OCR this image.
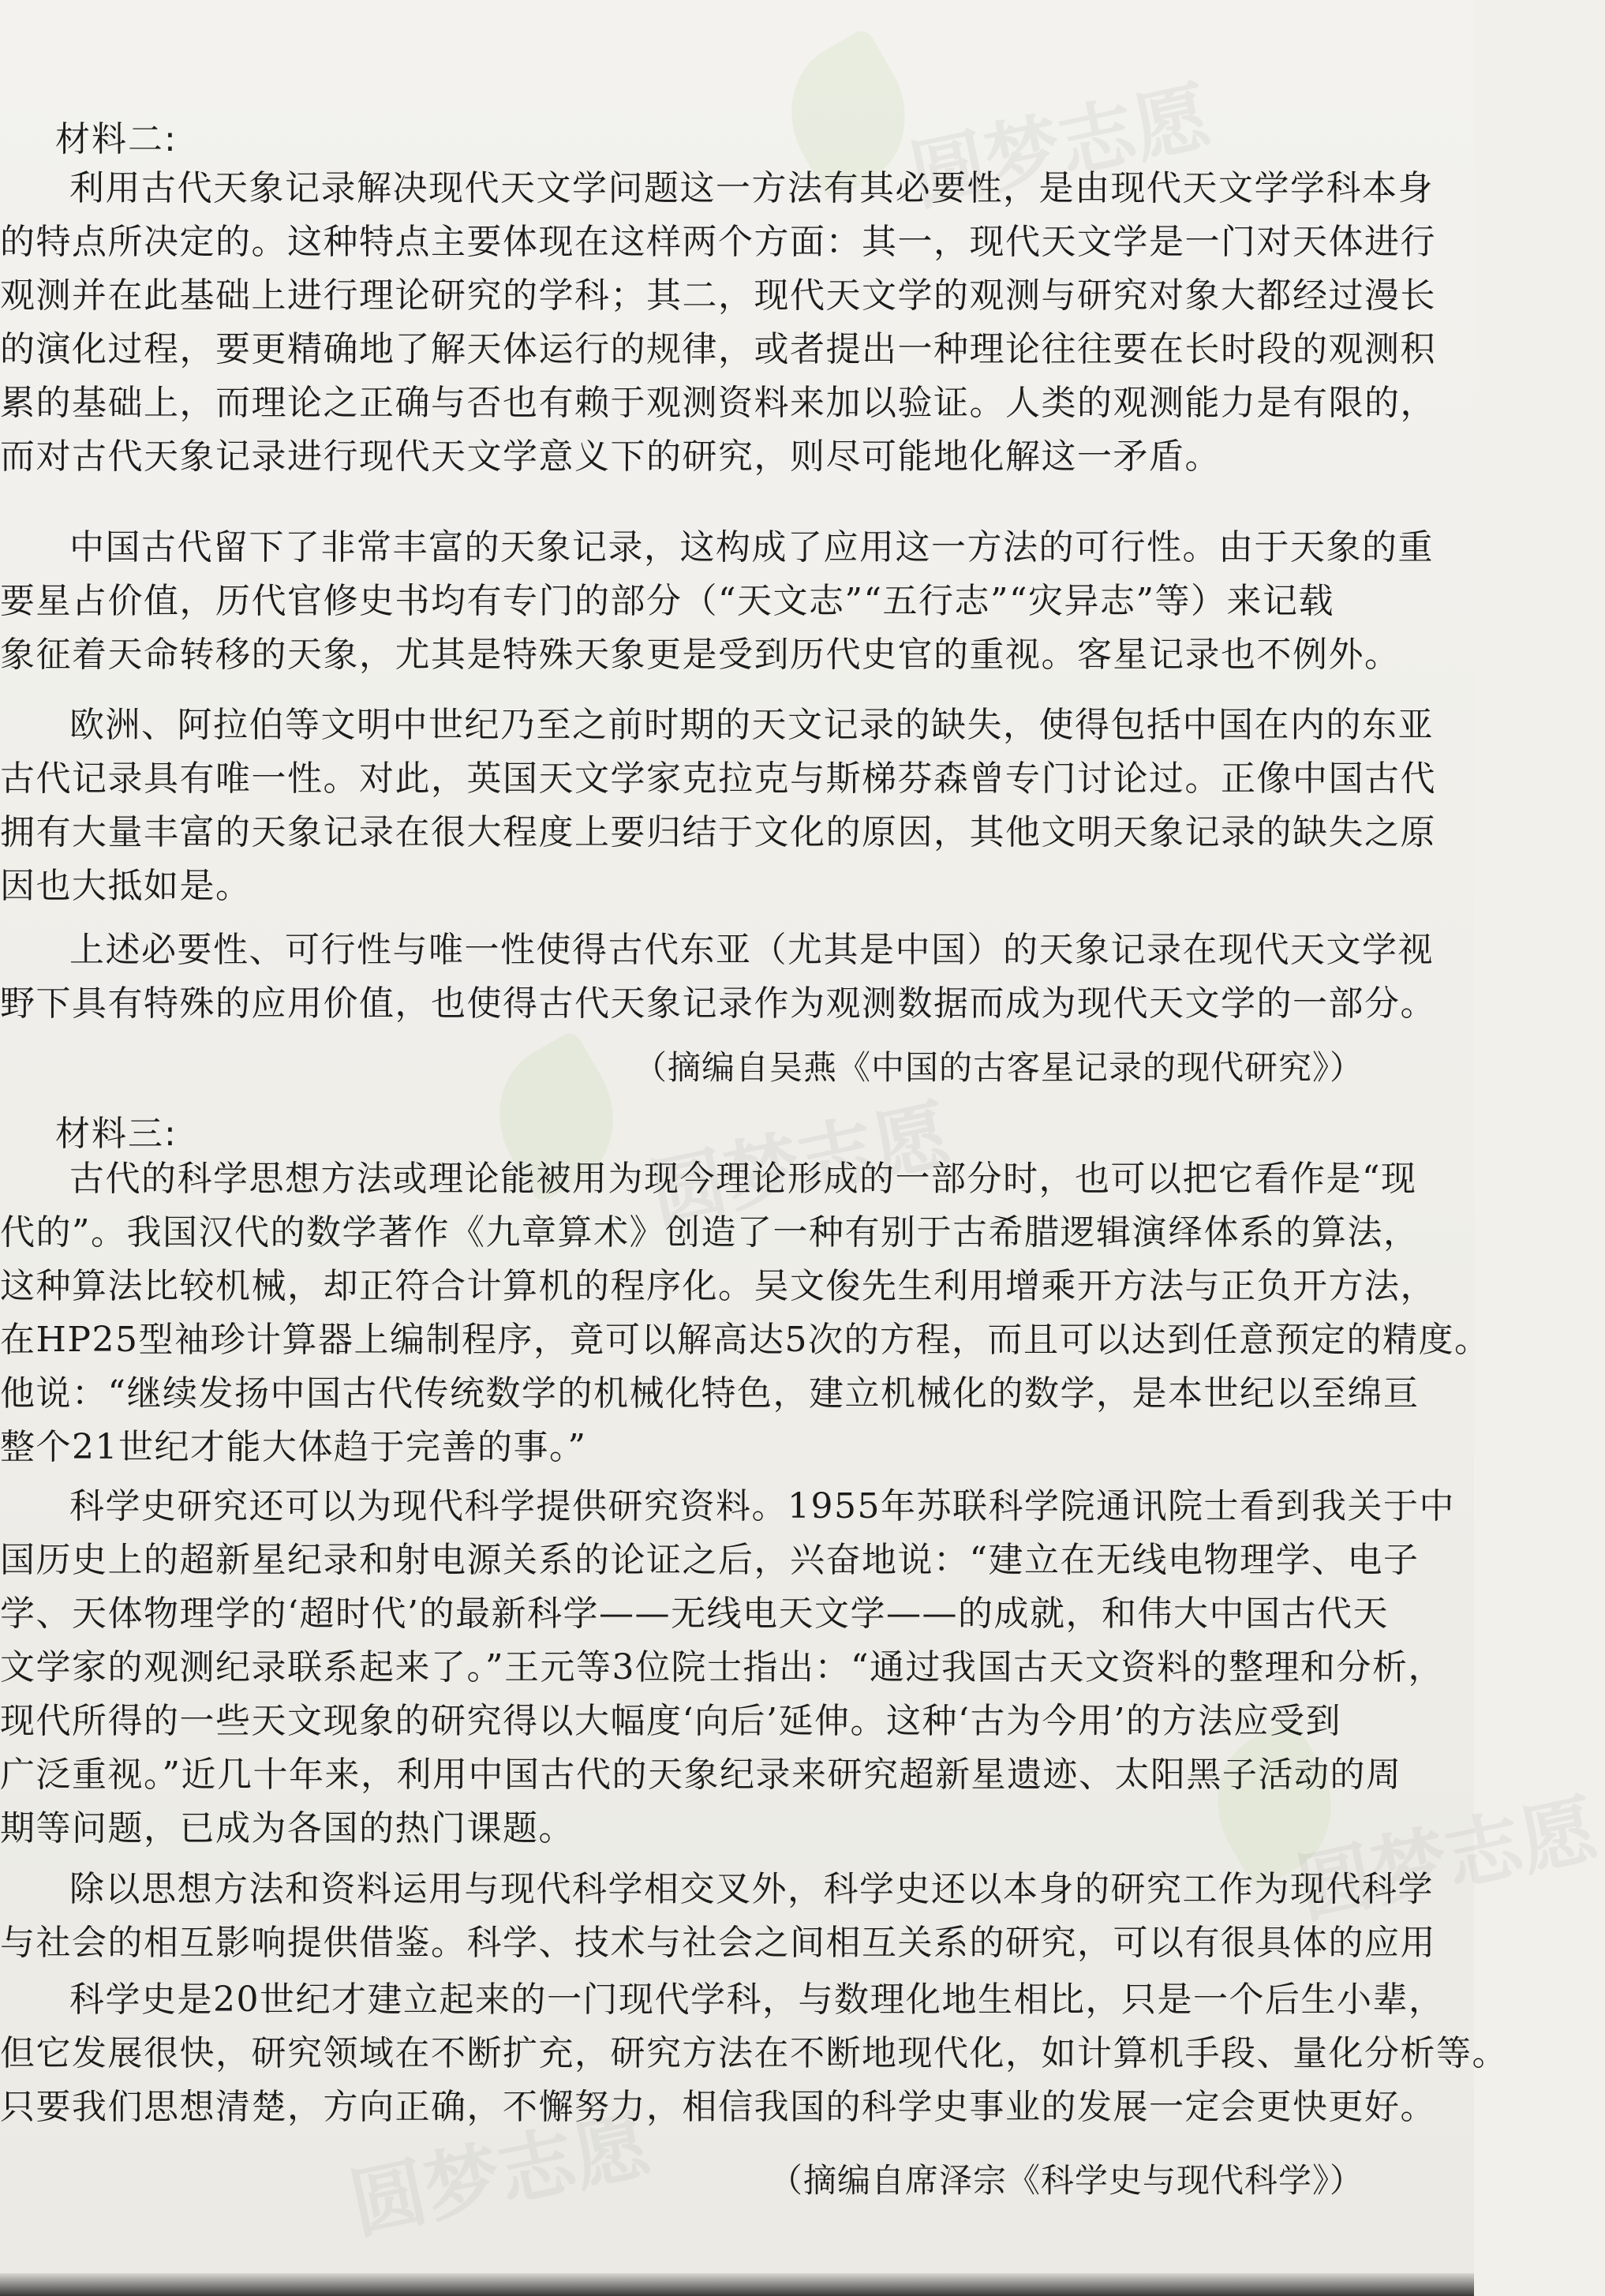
圆梦志愿
圆梦志愿
圆梦志愿
圆梦志愿
材料二:
利用古代天象记录解决现代天文学问题这一方法有其必要性，是由现代天文学学科本身
的特点所决定的。这种特点主要体现在这样两个方面：其一，现代天文学是一门对天体进行
观测并在此基础上进行理论研究的学科；其二，现代天文学的观测与研究对象大都经过漫长
的演化过程，要更精确地了解天体运行的规律，或者提出一种理论往往要在长时段的观测积
累的基础上，而理论之正确与否也有赖于观测资料来加以验证。人类的观测能力是有限的，
而对古代天象记录进行现代天文学意义下的研究，则尽可能地化解这一矛盾。
中国古代留下了非常丰富的天象记录，这构成了应用这一方法的可行性。由于天象的重
要星占价值，历代官修史书均有专门的部分（“天文志”“五行志”“灾异志”等）来记载
象征着天命转移的天象，尤其是特殊天象更是受到历代史官的重视。客星记录也不例外。
欧洲、阿拉伯等文明中世纪乃至之前时期的天文记录的缺失，使得包括中国在内的东亚
古代记录具有唯一性。对此，英国天文学家克拉克与斯梯芬森曾专门讨论过。正像中国古代
拥有大量丰富的天象记录在很大程度上要归结于文化的原因，其他文明天象记录的缺失之原
因也大抵如是。
上述必要性、可行性与唯一性使得古代东亚（尤其是中国）的天象记录在现代天文学视
野下具有特殊的应用价值，也使得古代天象记录作为观测数据而成为现代天文学的一部分。
（摘编自吴燕《中国的古客星记录的现代研究》）
材料三:
古代的科学思想方法或理论能被用为现今理论形成的一部分时，也可以把它看作是“现
代的”。我国汉代的数学著作《九章算术》创造了一种有别于古希腊逻辑演绎体系的算法，
这种算法比较机械，却正符合计算机的程序化。吴文俊先生利用增乘开方法与正负开方法，
在HP25型袖珍计算器上编制程序，竟可以解高达5次的方程，而且可以达到任意预定的精度。
他说：“继续发扬中国古代传统数学的机械化特色，建立机械化的数学，是本世纪以至绵亘
整个21世纪才能大体趋于完善的事。”
科学史研究还可以为现代科学提供研究资料。1955年苏联科学院通讯院士看到我关于中
国历史上的超新星纪录和射电源关系的论证之后，兴奋地说：“建立在无线电物理学、电子
学、天体物理学的‘超时代’的最新科学——无线电天文学——的成就，和伟大中国古代天
文学家的观测纪录联系起来了。”王元等3位院士指出：“通过我国古天文资料的整理和分析，
现代所得的一些天文现象的研究得以大幅度‘向后’延伸。这种‘古为今用’的方法应受到
广泛重视。”近几十年来，利用中国古代的天象纪录来研究超新星遗迹、太阳黑子活动的周
期等问题，已成为各国的热门课题。
除以思想方法和资料运用与现代科学相交叉外，科学史还以本身的研究工作为现代科学
与社会的相互影响提供借鉴。科学、技术与社会之间相互关系的研究，可以有很具体的应用
科学史是20世纪才建立起来的一门现代学科，与数理化地生相比，只是一个后生小辈，
但它发展很快，研究领域在不断扩充，研究方法在不断地现代化，如计算机手段、量化分析等。
只要我们思想清楚，方向正确，不懈努力，相信我国的科学史事业的发展一定会更快更好。
（摘编自席泽宗《科学史与现代科学》）
